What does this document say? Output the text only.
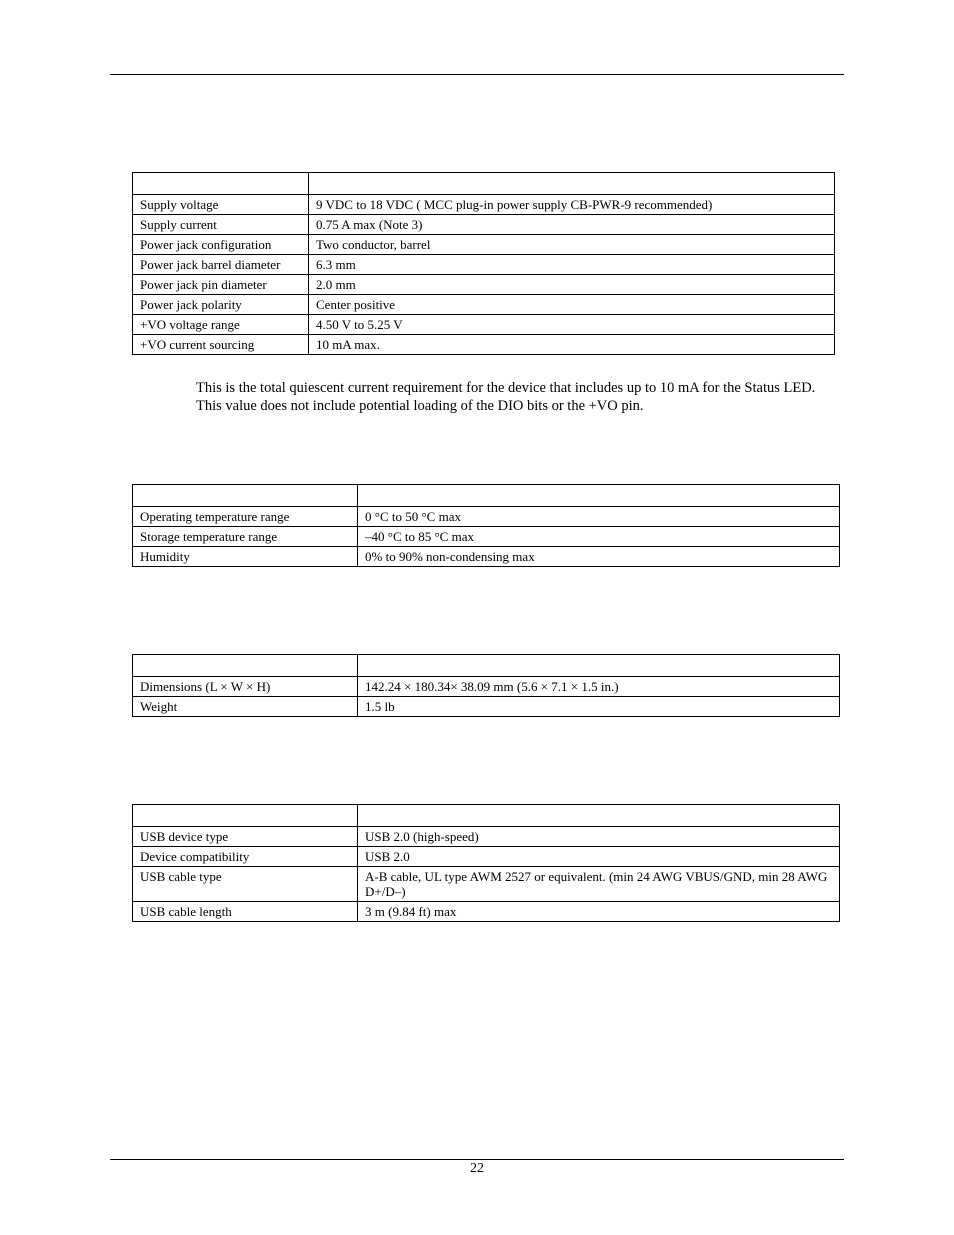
Supply voltage	9 VDC to 18 VDC ( MCC plug-in power supply CB-PWR-9 recommended)
Supply current	0.75 A max (Note 3)
Power jack configuration	Two conductor, barrel
Power jack barrel diameter	6.3 mm
Power jack pin diameter	2.0 mm
Power jack polarity	Center positive
+VO voltage range	4.50 V to 5.25 V
+VO current sourcing	10 mA max.

This is the total quiescent current requirement for the device that includes up to 10 mA for the Status LED. This value does not include potential loading of the DIO bits or the +VO pin.

Operating temperature range	0 °C to 50 °C max
Storage temperature range	–40 °C to 85 °C max
Humidity	0% to 90% non-condensing max

Dimensions (L × W × H)	142.24 × 180.34× 38.09 mm (5.6 × 7.1 × 1.5 in.)
Weight	1.5 lb

USB device type	USB 2.0 (high-speed)
Device compatibility	USB 2.0
USB cable type	A-B cable, UL type AWM 2527 or equivalent. (min 24 AWG VBUS/GND, min 28 AWG D+/D–)
USB cable length	3 m (9.84 ft) max
22
